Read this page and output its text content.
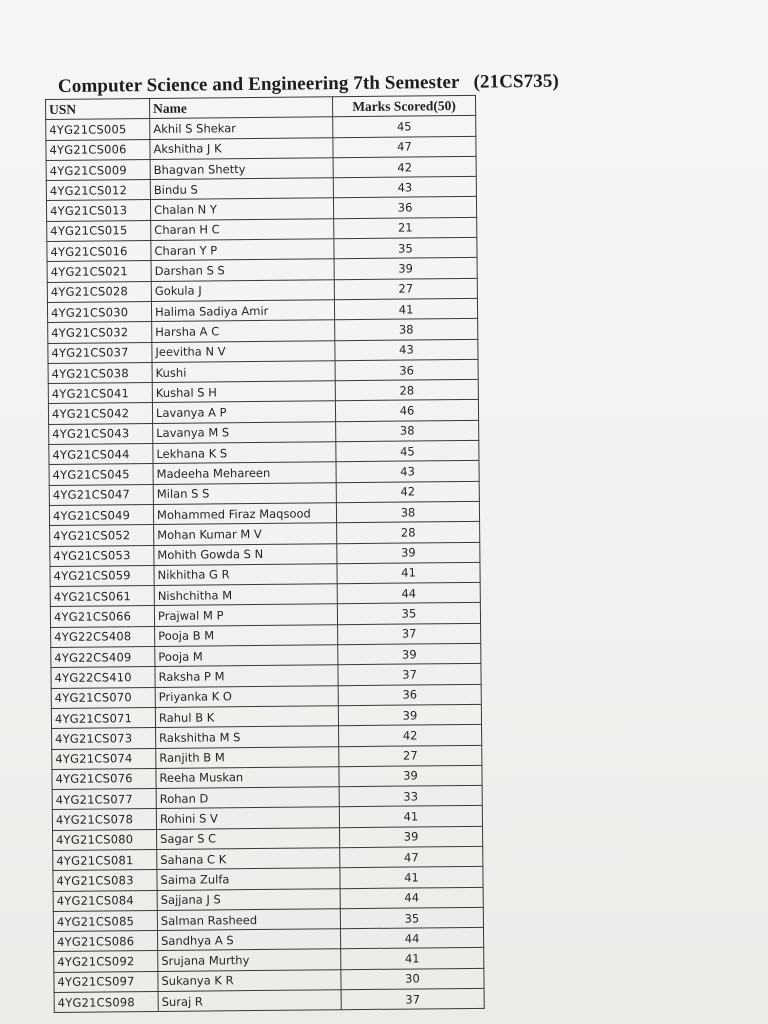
Computer Science and Engineering 7th Semester (21CS735)
USN	Name	Marks Scored(50)
4YG21CS005	Akhil S Shekar	45
4YG21CS006	Akshitha J K	47
4YG21CS009	Bhagvan Shetty	42
4YG21CS012	Bindu S	43
4YG21CS013	Chalan N Y	36
4YG21CS015	Charan H C	21
4YG21CS016	Charan Y P	35
4YG21CS021	Darshan S S	39
4YG21CS028	Gokula J	27
4YG21CS030	Halima Sadiya Amir	41
4YG21CS032	Harsha A C	38
4YG21CS037	Jeevitha N V	43
4YG21CS038	Kushi	36
4YG21CS041	Kushal S H	28
4YG21CS042	Lavanya A P	46
4YG21CS043	Lavanya M S	38
4YG21CS044	Lekhana K S	45
4YG21CS045	Madeeha Mehareen	43
4YG21CS047	Milan S S	42
4YG21CS049	Mohammed Firaz Maqsood	38
4YG21CS052	Mohan Kumar M V	28
4YG21CS053	Mohith Gowda S N	39
4YG21CS059	Nikhitha G R	41
4YG21CS061	Nishchitha M	44
4YG21CS066	Prajwal M P	35
4YG22CS408	Pooja B M	37
4YG22CS409	Pooja M	39
4YG22CS410	Raksha P M	37
4YG21CS070	Priyanka K O	36
4YG21CS071	Rahul B K	39
4YG21CS073	Rakshitha M S	42
4YG21CS074	Ranjith B M	27
4YG21CS076	Reeha Muskan	39
4YG21CS077	Rohan D	33
4YG21CS078	Rohini S V	41
4YG21CS080	Sagar S C	39
4YG21CS081	Sahana C K	47
4YG21CS083	Saima Zulfa	41
4YG21CS084	Sajjana J S	44
4YG21CS085	Salman Rasheed	35
4YG21CS086	Sandhya A S	44
4YG21CS092	Srujana Murthy	41
4YG21CS097	Sukanya K R	30
4YG21CS098	Suraj R	37
